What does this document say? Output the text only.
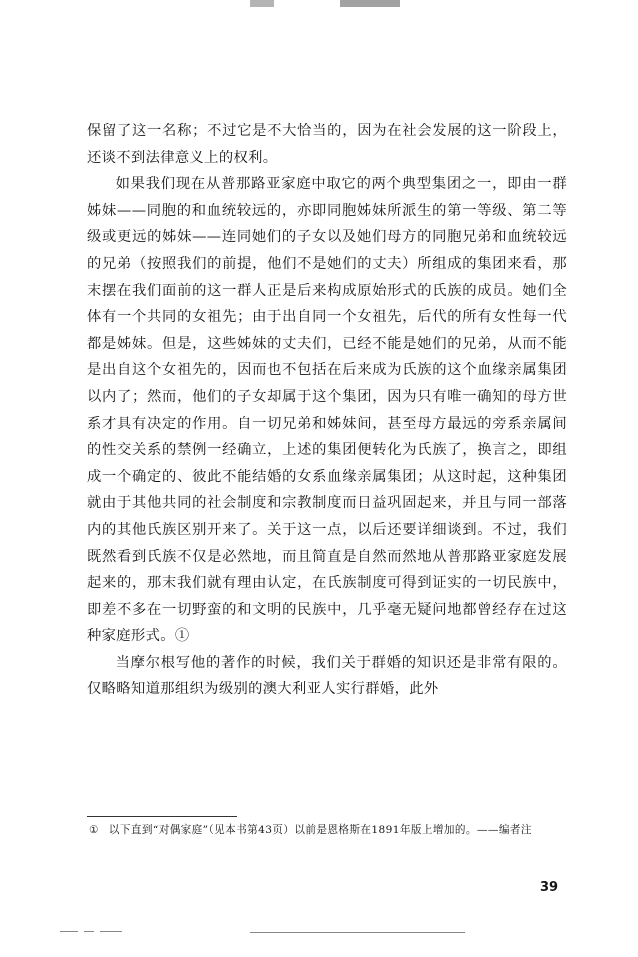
保留了这一名称；不过它是不大恰当的，因为在社会发展的这一阶段上，还谈不到法律意义上的权利。

如果我们现在从普那路亚家庭中取它的两个典型集团之一，即由一群姊妹——同胞的和血统较远的，亦即同胞姊妹所派生的第一等级、第二等级或更远的姊妹——连同她们的子女以及她们母方的同胞兄弟和血统较远的兄弟（按照我们的前提，他们不是她们的丈夫）所组成的集团来看，那末摆在我们面前的这一群人正是后来构成原始形式的氏族的成员。她们全体有一个共同的女祖先；由于出自同一个女祖先，后代的所有女性每一代都是姊妹。但是，这些姊妹的丈夫们，已经不能是她们的兄弟，从而不能是出自这个女祖先的，因而也不包括在后来成为氏族的这个血缘亲属集团以内了；然而，他们的子女却属于这个集团，因为只有唯一确知的母方世系才具有决定的作用。自一切兄弟和姊妹间，甚至母方最远的旁系亲属间的性交关系的禁例一经确立，上述的集团便转化为氏族了，换言之，即组成一个确定的、彼此不能结婚的女系血缘亲属集团；从这时起，这种集团就由于其他共同的社会制度和宗教制度而日益巩固起来，并且与同一部落内的其他氏族区别开来了。关于这一点，以后还要详细谈到。不过，我们既然看到氏族不仅是必然地，而且简直是自然而然地从普那路亚家庭发展起来的，那末我们就有理由认定，在氏族制度可得到证实的一切民族中，即差不多在一切野蛮的和文明的民族中，几乎毫无疑问地都曾经存在过这种家庭形式。①

当摩尔根写他的著作的时候，我们关于群婚的知识还是非常有限的。仅略略知道那组织为级别的澳大利亚人实行群婚，此外

① 以下直到“对偶家庭”（见本书第43页）以前是恩格斯在1891年版上增加的。——编者注
39
